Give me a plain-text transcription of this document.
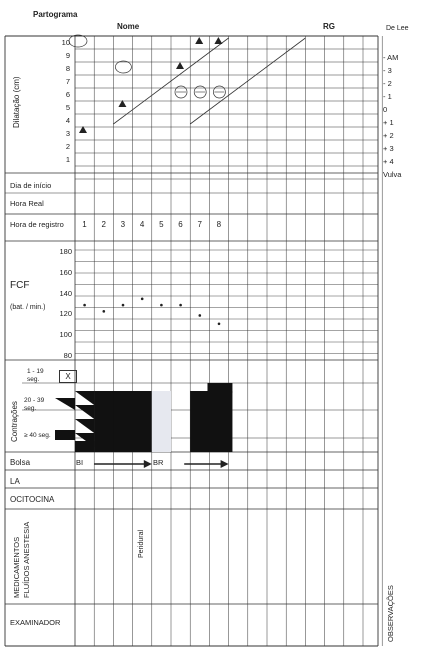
Partograma
Nome	RG	De Lee
Dilatação (cm)
10
9
8
7
6
5
4
3
2
1
- AM
- 3
- 2
- 1
0
+ 1
+ 2
+ 3
+ 4
Vulva
Dia de início
Hora Real
Hora de registro	1	2	3	4	5	6	7	8
FCF
(bat. / min.)
180
160
140
120
100
80
Contrações
1 - 19 seg.
20 - 39 seg.
≥ 40 seg.
X
Bolsa	BI	BR
LA
OCITOCINA
MEDICAMENTOS FLUÍDOS ANESTESIA	Peridural
EXAMINADOR	OBSERVAÇÕES
